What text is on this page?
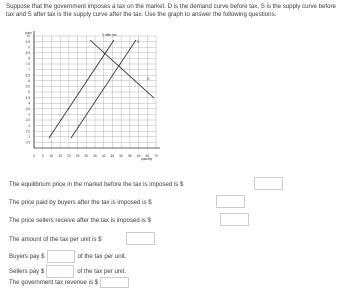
Suppose that the government imposes a tax on the market. D is the demand curve before tax, S is the supply curve before tax and S after tax is the supply curve after the tax. Use the graph to answer the following questions:
price
quantity
S after tax
S
D
10
9.5
9
8.5
8
7.5
7
6.5
6
5.5
5
4.5
4
3.5
3
2.5
2
1.5
1
0.5
0 5 10 15 20 25 30 35 40 45 50 55 60 65 70
The equilibrium price in the market before the tax is imposed is $
The price paid by buyers after the tax is imposed is $
The price sellers receive after the tax is imposed is $
The amount of the tax per unit is $
Buyers pay $	of the tax per unit.
Sellers pay $	of the tax per unit.
The government tax revenue is $
